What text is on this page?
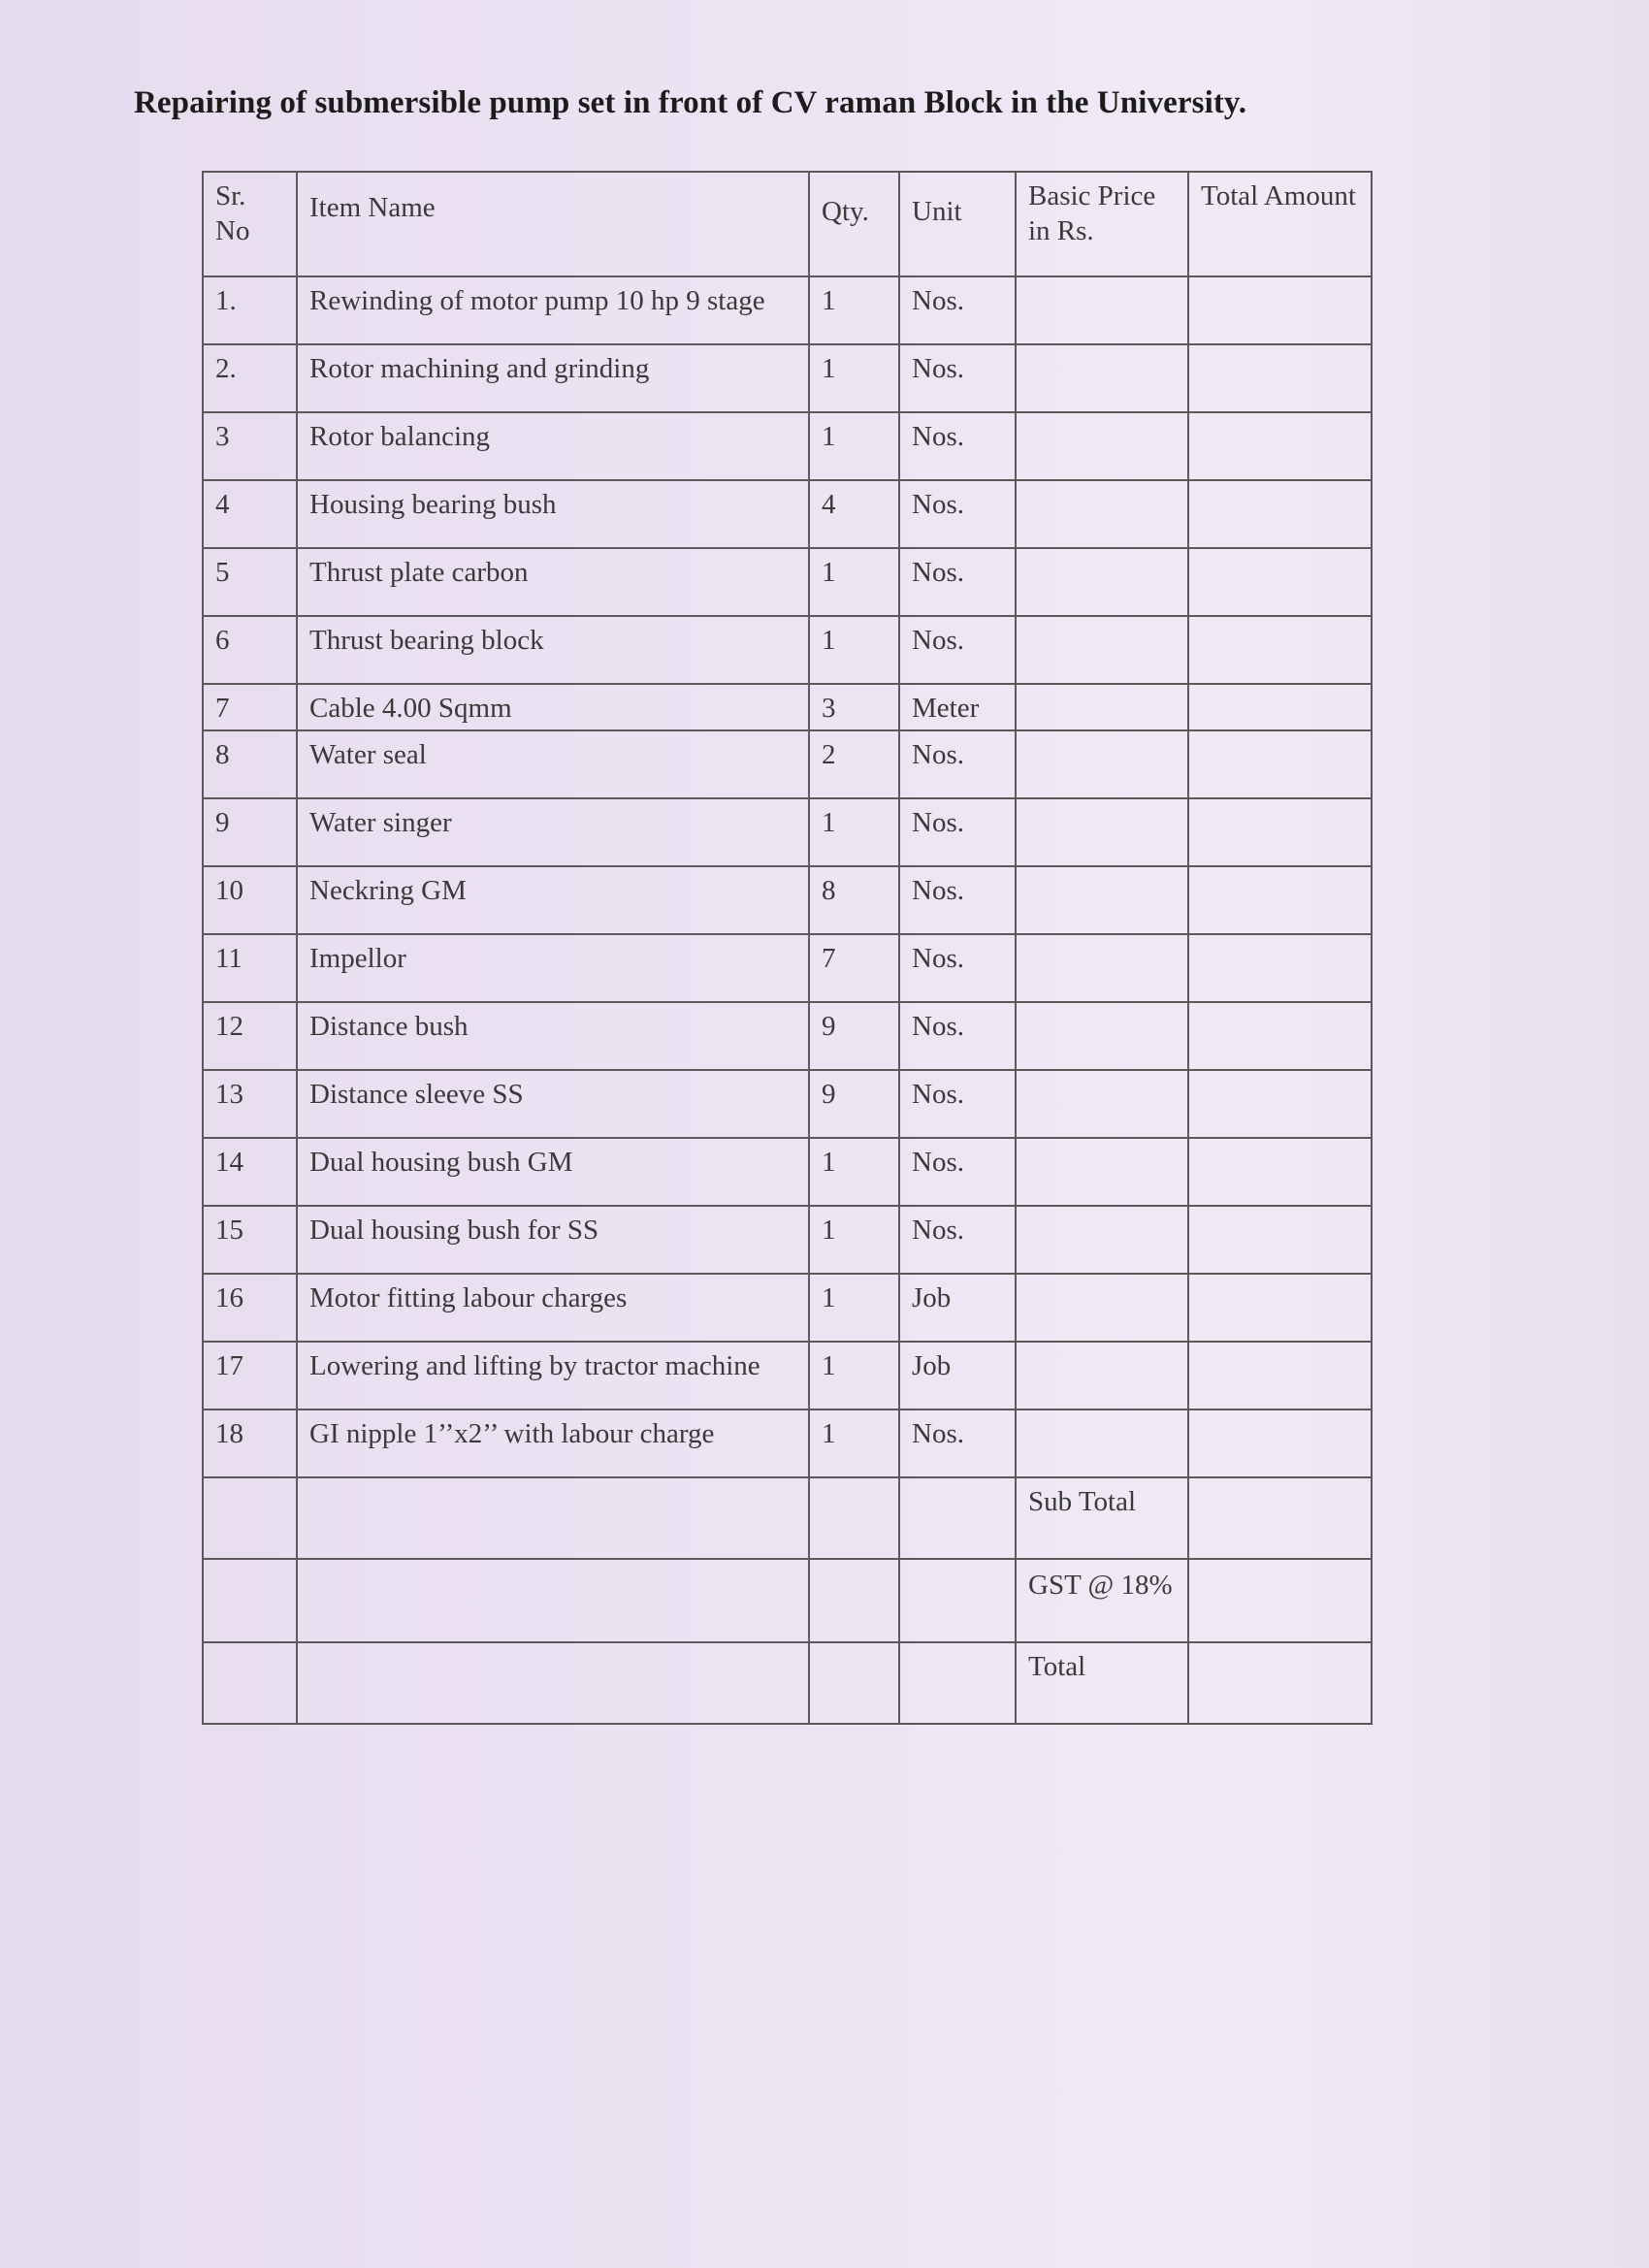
Repairing of submersible pump set in front of CV raman Block in the University.
Sr. No	Item Name	Qty.	Unit	Basic Price in Rs.	Total Amount
1.	Rewinding of motor pump 10 hp 9 stage	1	Nos.		
2.	Rotor machining and grinding	1	Nos.		
3	Rotor balancing	1	Nos.		
4	Housing bearing bush	4	Nos.		
5	Thrust plate carbon	1	Nos.		
6	Thrust bearing block	1	Nos.		
7	Cable 4.00 Sqmm	3	Meter		
8	Water seal	2	Nos.		
9	Water singer	1	Nos.		
10	Neckring GM	8	Nos.		
11	Impellor	7	Nos.		
12	Distance bush	9	Nos.		
13	Distance sleeve SS	9	Nos.		
14	Dual housing bush GM	1	Nos.		
15	Dual housing bush for SS	1	Nos.		
16	Motor fitting labour charges	1	Job		
17	Lowering and lifting by tractor machine	1	Job		
18	GI nipple 1’’x2’’ with labour charge	1	Nos.		
				Sub Total	
				GST @ 18%	
				Total	
